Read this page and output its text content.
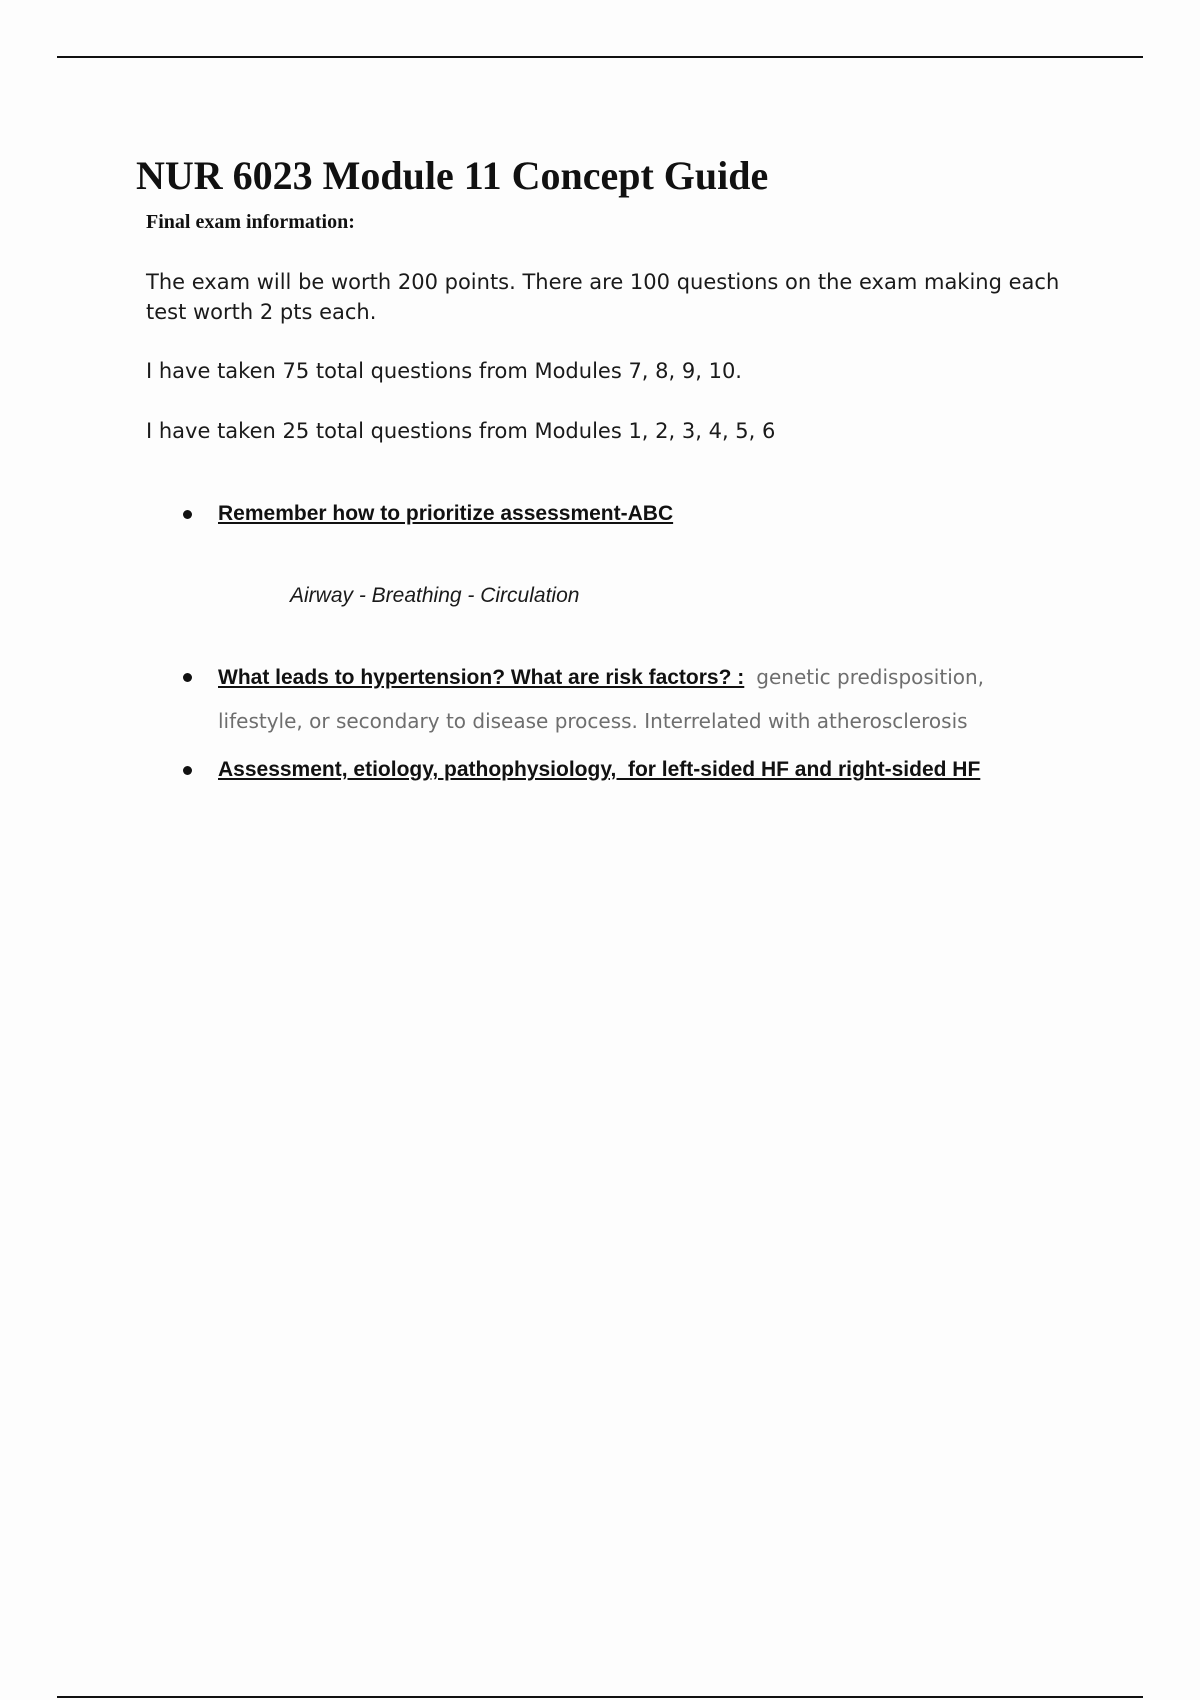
NUR 6023 Module 11 Concept Guide
Final exam information:

The exam will be worth 200 points. There are 100 questions on the exam making each test worth 2 pts each.

I have taken 75 total questions from Modules 7, 8, 9, 10.

I have taken 25 total questions from Modules 1, 2, 3, 4, 5, 6

Remember how to prioritize assessment-ABC
Airway - Breathing - Circulation
What leads to hypertension? What are risk factors? : genetic predisposition,
lifestyle, or secondary to disease process. Interrelated with atherosclerosis
Assessment, etiology, pathophysiology,  for left-sided HF and right-sided HF
